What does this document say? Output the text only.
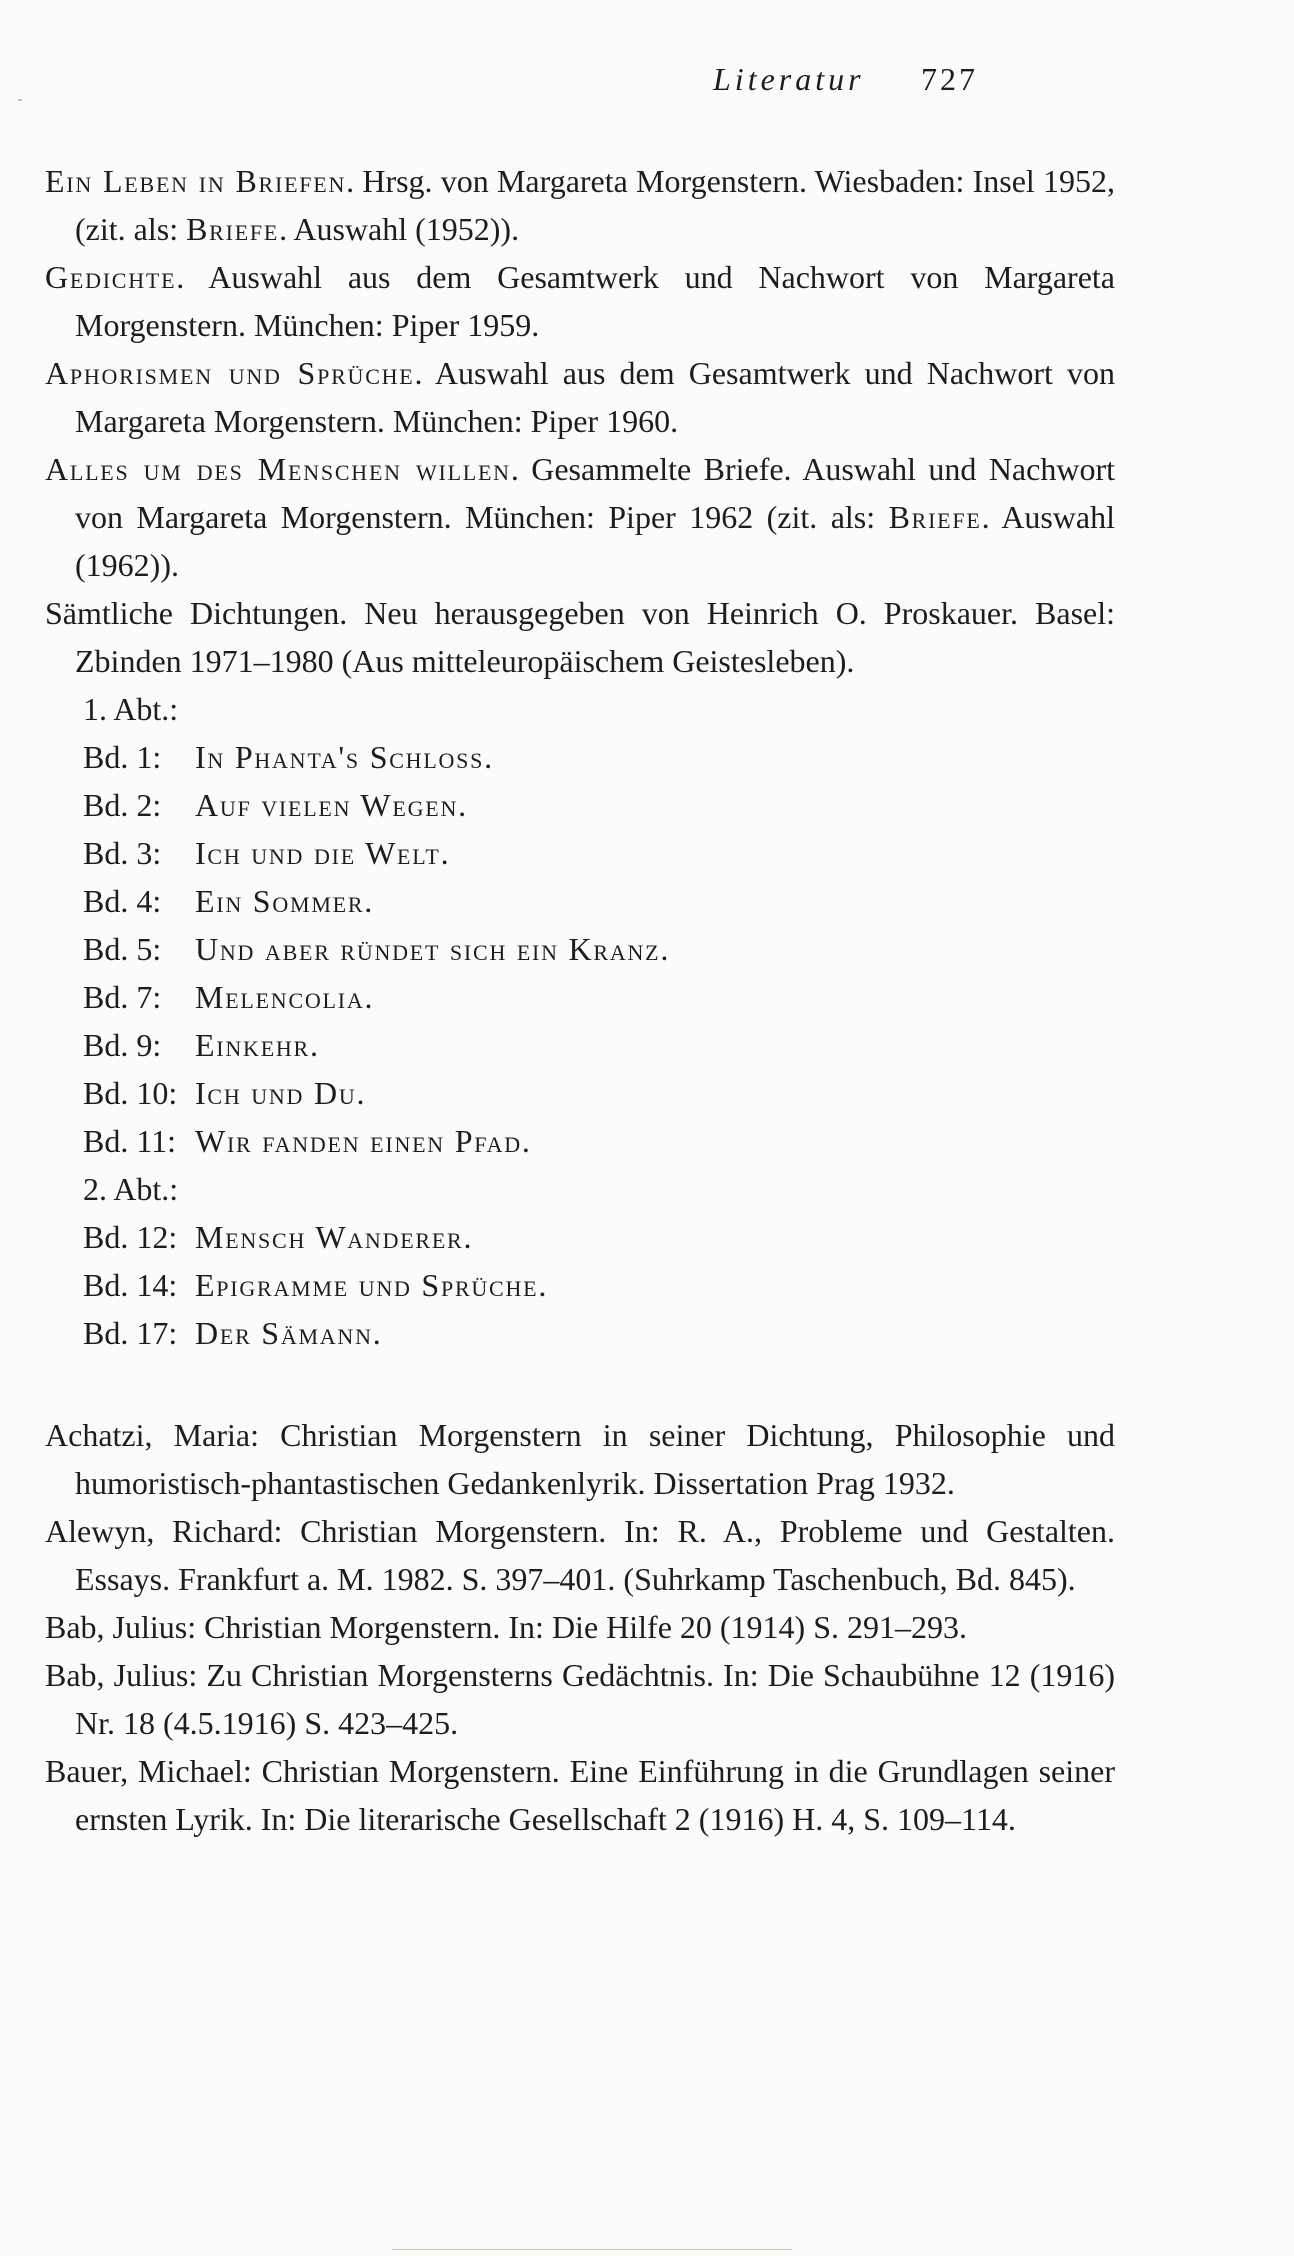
Literatur 727

Ein Leben in Briefen. Hrsg. von Margareta Morgenstern. Wiesbaden: Insel 1952, (zit. als: Briefe. Auswahl (1952)).

Gedichte. Auswahl aus dem Gesamtwerk und Nachwort von Margareta Morgenstern. München: Piper 1959.

Aphorismen und Sprüche. Auswahl aus dem Gesamtwerk und Nachwort von Margareta Morgenstern. München: Piper 1960.

Alles um des Menschen willen. Gesammelte Briefe. Auswahl und Nachwort von Margareta Morgenstern. München: Piper 1962 (zit. als: Briefe. Auswahl (1962)).

Sämtliche Dichtungen. Neu herausgegeben von Heinrich O. Proskauer. Basel: Zbinden 1971–1980 (Aus mitteleuropäischem Geistesleben).

1. Abt.:
Bd. 1: In Phanta's Schloss.
Bd. 2: Auf vielen Wegen.
Bd. 3: Ich und die Welt.
Bd. 4: Ein Sommer.
Bd. 5: Und aber ründet sich ein Kranz.
Bd. 7: Melencolia.
Bd. 9: Einkehr.
Bd. 10: Ich und Du.
Bd. 11: Wir fanden einen Pfad.
2. Abt.:
Bd. 12: Mensch Wanderer.
Bd. 14: Epigramme und Sprüche.
Bd. 17: Der Sämann.

Achatzi, Maria: Christian Morgenstern in seiner Dichtung, Philosophie und humoristisch-phantastischen Gedankenlyrik. Dissertation Prag 1932.

Alewyn, Richard: Christian Morgenstern. In: R. A., Probleme und Gestalten. Essays. Frankfurt a. M. 1982. S. 397–401. (Suhrkamp Taschenbuch, Bd. 845).

Bab, Julius: Christian Morgenstern. In: Die Hilfe 20 (1914) S. 291–293.

Bab, Julius: Zu Christian Morgensterns Gedächtnis. In: Die Schaubühne 12 (1916) Nr. 18 (4.5.1916) S. 423–425.

Bauer, Michael: Christian Morgenstern. Eine Einführung in die Grundlagen seiner ernsten Lyrik. In: Die literarische Gesellschaft 2 (1916) H. 4, S. 109–114.
